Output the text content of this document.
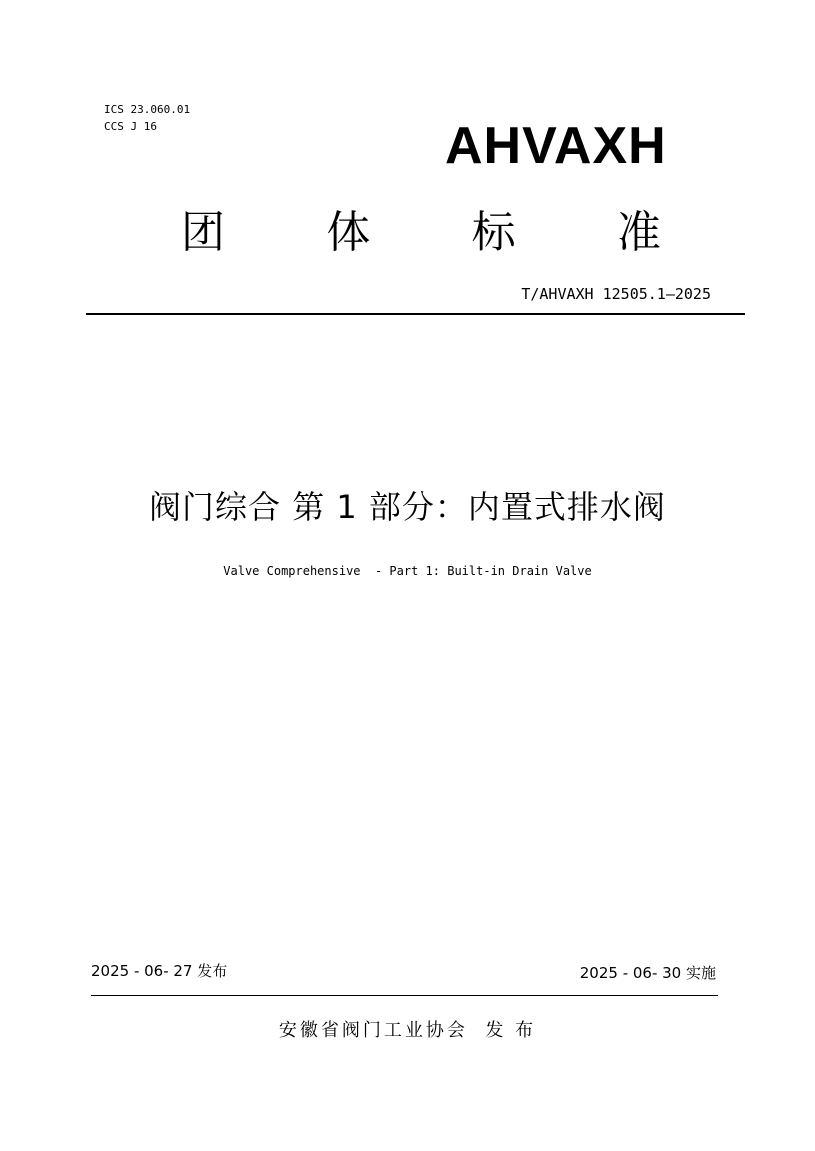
ICS 23.060.01
CCS J 16	AHVAXH
团 体 标 准
T/AHVAXH 12505.1—2025
阀门综合 第 1 部分：内置式排水阀
Valve Comprehensive  - Part 1: Built-in Drain Valve
2025 - 06- 27 发布	2025 - 06- 30 实施
安徽省阀门工业协会  发 布
